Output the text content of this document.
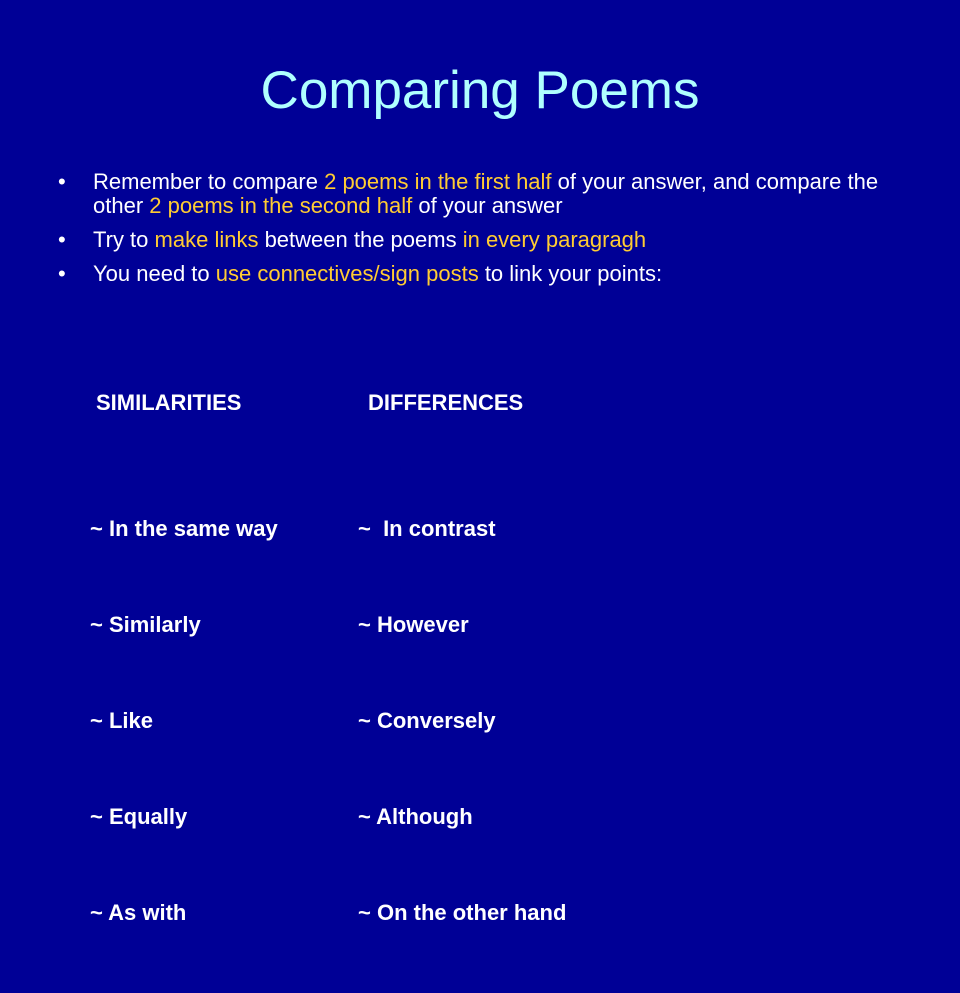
Comparing Poems
• Remember to compare 2 poems in the first half of your answer, and compare the other 2 poems in the second half of your answer
• Try to make links between the poems in every paragragh
• You need to use connectives/sign posts to link your points:

SIMILARITIES

~ In the same way

~ Similarly

~ Like

~ Equally

~ As with

DIFFERENCES

~  In contrast

~ However

~ Conversely

~ Although

~ On the other hand
